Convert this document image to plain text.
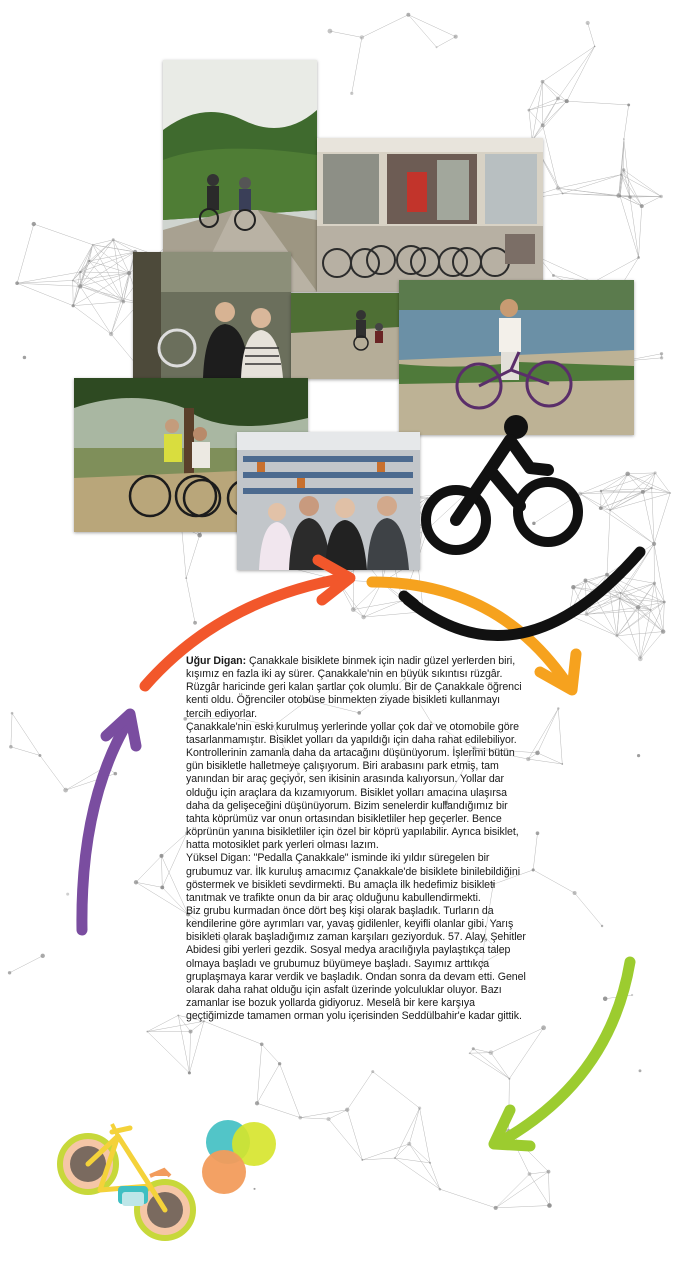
Uğur Digan: Çanakkale bisiklete binmek için nadir güzel yerlerden biri, kışımız en fazla iki ay sürer. Çanakkale'nin en büyük sıkıntısı rüzgâr. Rüzgâr haricinde geri kalan şartlar çok olumlu. Bir de Çanakkale öğrenci kenti oldu. Öğrenciler otobüse binmekten ziyade bisikleti kullanmayı tercih ediyorlar.

Çanakkale'nin eski kurulmuş yerlerinde yollar çok dar ve otomobile göre tasarlanmamıştır. Bisiklet yolları da yapıldığı için daha rahat edilebiliyor. Kontrollerinin zamanla daha da artacağını düşünüyorum. İşlerimi bütün gün bisikletle halletmeye çalışıyorum. Biri arabasını park etmiş, tam yanından bir araç geçiyor, sen ikisinin arasında kalıyorsun. Yollar dar olduğu için araçlara da kızamıyorum. Bisiklet yolları amacına ulaşırsa daha da gelişeceğini düşünüyorum. Bizim senelerdir kullandığımız bir tahta köprümüz var onun ortasından bisikletliler hep geçerler. Bence köprünün yanına bisikletliler için özel bir köprü yapılabilir. Ayrıca bisiklet, hatta motosiklet park yerleri olması lazım.

Yüksel Digan: "Pedalla Çanakkale" isminde iki yıldır süregelen bir grubumuz var. İlk kuruluş amacımız Çanakkale'de bisiklete binilebildiğini göstermek ve bisikleti sevdirmekti. Bu amaçla ilk hedefimiz bisikleti tanıtmak ve trafikte onun da bir araç olduğunu kabullendirmekti.

Biz grubu kurmadan önce dört beş kişi olarak başladık. Turların da kendilerine göre ayrımları var, yavaş gidilenler, keyifli olanlar gibi. Yarış bisikleti olarak başladığımız zaman karşıları geziyorduk. 57. Alay, Şehitler Abidesi gibi yerleri gezdik. Sosyal medya aracılığıyla paylaştıkça talep olmaya başladı ve grubumuz büyümeye başladı. Sayımız arttıkça gruplaşmaya karar verdik ve başladık. Ondan sonra da devam etti. Genel olarak daha rahat olduğu için asfalt üzerinde yolculuklar oluyor. Bazı zamanlar ise bozuk yollarda gidiyoruz. Meselâ bir kere karşıya geçtiğimizde tamamen orman yolu içerisinden Seddülbahir'e kadar gittik.
